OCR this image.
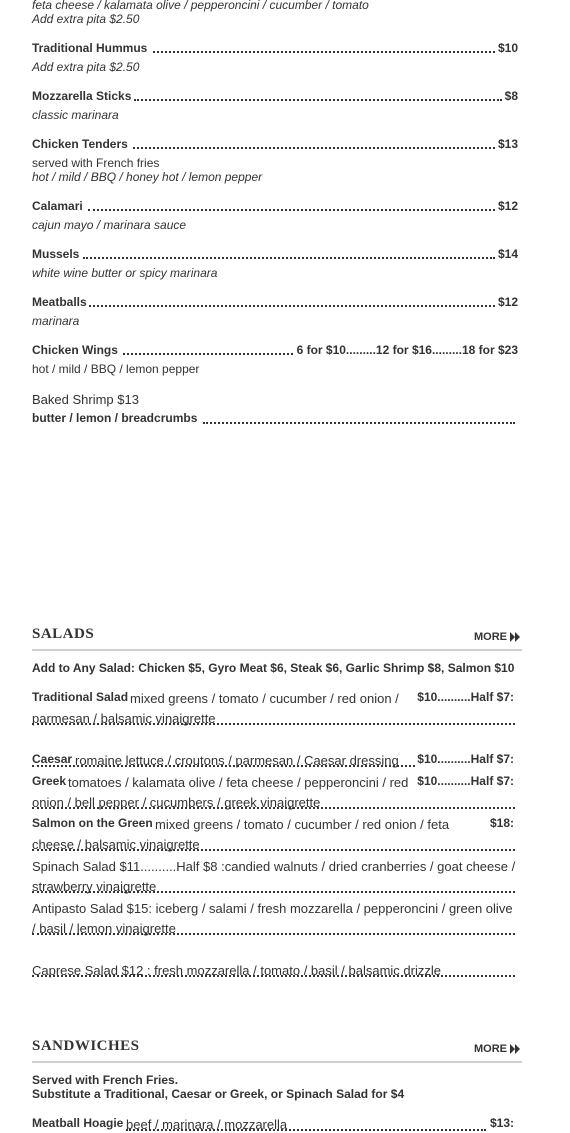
feta cheese / kalamata olive / pepperoncini / cucumber / tomato
Add extra pita $2.50
Traditional Hummus	$10
Add extra pita $2.50
Mozzarella Sticks	$8
classic marinara
Chicken Tenders	$13
served with French fries
hot / mild / BBQ / honey hot / lemon pepper
Calamari	$12
cajun mayo / marinara sauce
Mussels	$14
white wine butter or spicy marinara
Meatballs	$12
marinara
Chicken Wings	6 for $10.........12 for $16.........18 for $23
hot / mild / BBQ / lemon pepper
Baked Shrimp $13
butter / lemon / breadcrumbs
SALADS	MORE
Add to Any Salad: Chicken $5, Gyro Meat $6, Steak $6, Garlic Shrimp $8, Salmon $10
Traditional Salad mixed greens / tomato / cucumber / red onion / $10..........Half $7:
parmesan / balsamic vinaigrette
Caesar romaine lettuce / croutons / parmesan / Caesar dressing $10..........Half $7:
Greek tomatoes / kalamata olive / feta cheese / pepperoncini / red $10..........Half $7:
onion / bell pepper / cucumbers / greek vinaigrette
Salmon on the Green mixed greens / tomato / cucumber / red onion / feta	$18:
cheese / balsamic vinaigrette
Spinach Salad $11..........Half $8 :candied walnuts / dried cranberries / goat cheese /
strawberry vinaigrette
Antipasto Salad $15: iceberg / salami / fresh mozzarella / pepperoncini / green olive
/ basil / lemon vinaigrette
Caprese Salad $12 : fresh mozzarella / tomato / basil / balsamic drizzle
SANDWICHES	MORE
Served with French Fries.
Substitute a Traditional, Caesar or Greek, or Spinach Salad for $4
Meatball Hoagie beef / marinara / mozzarella	$13:
